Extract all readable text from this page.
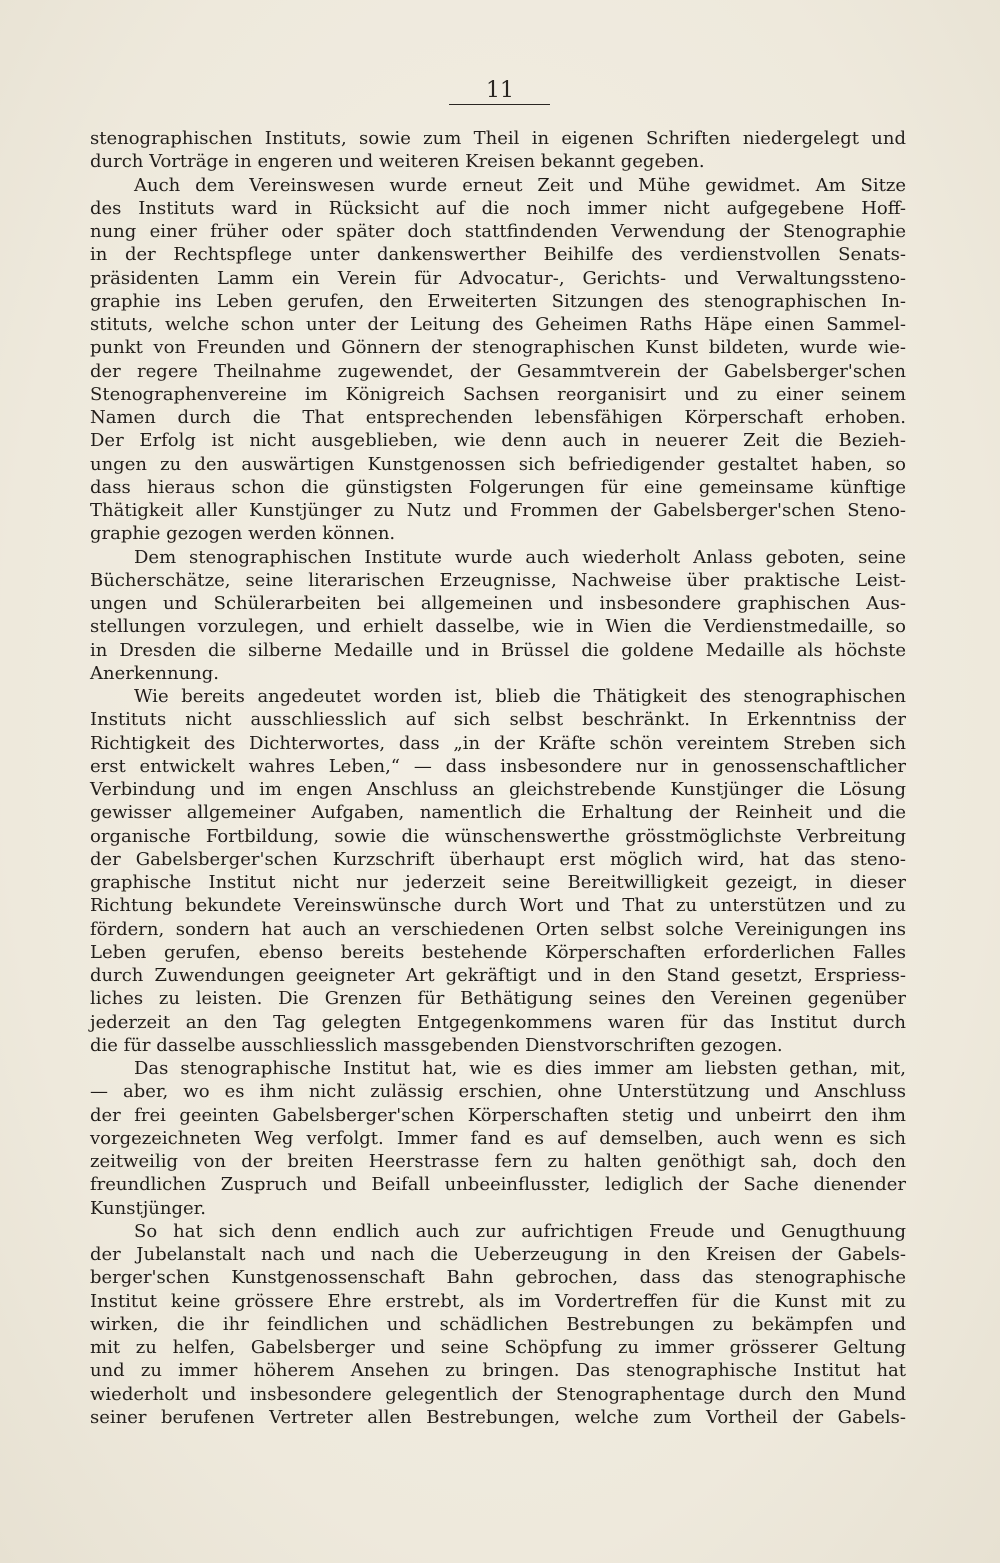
11
stenographischen Instituts, sowie zum Theil in eigenen Schriften niedergelegt und
durch Vorträge in engeren und weiteren Kreisen bekannt gegeben.
Auch dem Vereinswesen wurde erneut Zeit und Mühe gewidmet. Am Sitze
des Instituts ward in Rücksicht auf die noch immer nicht aufgegebene Hoff-
nung einer früher oder später doch stattfindenden Verwendung der Stenographie
in der Rechtspflege unter dankenswerther Beihilfe des verdienstvollen Senats-
präsidenten Lamm ein Verein für Advocatur-, Gerichts- und Verwaltungssteno-
graphie ins Leben gerufen, den Erweiterten Sitzungen des stenographischen In-
stituts, welche schon unter der Leitung des Geheimen Raths Häpe einen Sammel-
punkt von Freunden und Gönnern der stenographischen Kunst bildeten, wurde wie-
der regere Theilnahme zugewendet, der Gesammtverein der Gabelsberger'schen
Stenographenvereine im Königreich Sachsen reorganisirt und zu einer seinem
Namen durch die That entsprechenden lebensfähigen Körperschaft erhoben.
Der Erfolg ist nicht ausgeblieben, wie denn auch in neuerer Zeit die Bezieh-
ungen zu den auswärtigen Kunstgenossen sich befriedigender gestaltet haben, so
dass hieraus schon die günstigsten Folgerungen für eine gemeinsame künftige
Thätigkeit aller Kunstjünger zu Nutz und Frommen der Gabelsberger'schen Steno-
graphie gezogen werden können.
Dem stenographischen Institute wurde auch wiederholt Anlass geboten, seine
Bücherschätze, seine literarischen Erzeugnisse, Nachweise über praktische Leist-
ungen und Schülerarbeiten bei allgemeinen und insbesondere graphischen Aus-
stellungen vorzulegen, und erhielt dasselbe, wie in Wien die Verdienstmedaille, so
in Dresden die silberne Medaille und in Brüssel die goldene Medaille als höchste
Anerkennung.
Wie bereits angedeutet worden ist, blieb die Thätigkeit des stenographischen
Instituts nicht ausschliesslich auf sich selbst beschränkt. In Erkenntniss der
Richtigkeit des Dichterwortes, dass „in der Kräfte schön vereintem Streben sich
erst entwickelt wahres Leben,“ — dass insbesondere nur in genossenschaftlicher
Verbindung und im engen Anschluss an gleichstrebende Kunstjünger die Lösung
gewisser allgemeiner Aufgaben, namentlich die Erhaltung der Reinheit und die
organische Fortbildung, sowie die wünschenswerthe grösstmöglichste Verbreitung
der Gabelsberger'schen Kurzschrift überhaupt erst möglich wird, hat das steno-
graphische Institut nicht nur jederzeit seine Bereitwilligkeit gezeigt, in dieser
Richtung bekundete Vereinswünsche durch Wort und That zu unterstützen und zu
fördern, sondern hat auch an verschiedenen Orten selbst solche Vereinigungen ins
Leben gerufen, ebenso bereits bestehende Körperschaften erforderlichen Falles
durch Zuwendungen geeigneter Art gekräftigt und in den Stand gesetzt, Erspriess-
liches zu leisten. Die Grenzen für Bethätigung seines den Vereinen gegenüber
jederzeit an den Tag gelegten Entgegenkommens waren für das Institut durch
die für dasselbe ausschliesslich massgebenden Dienstvorschriften gezogen.
Das stenographische Institut hat, wie es dies immer am liebsten gethan, mit,
— aber, wo es ihm nicht zulässig erschien, ohne Unterstützung und Anschluss
der frei geeinten Gabelsberger'schen Körperschaften stetig und unbeirrt den ihm
vorgezeichneten Weg verfolgt. Immer fand es auf demselben, auch wenn es sich
zeitweilig von der breiten Heerstrasse fern zu halten genöthigt sah, doch den
freundlichen Zuspruch und Beifall unbeeinflusster, lediglich der Sache dienender
Kunstjünger.
So hat sich denn endlich auch zur aufrichtigen Freude und Genugthuung
der Jubelanstalt nach und nach die Ueberzeugung in den Kreisen der Gabels-
berger'schen Kunstgenossenschaft Bahn gebrochen, dass das stenographische
Institut keine grössere Ehre erstrebt, als im Vordertreffen für die Kunst mit zu
wirken, die ihr feindlichen und schädlichen Bestrebungen zu bekämpfen und
mit zu helfen, Gabelsberger und seine Schöpfung zu immer grösserer Geltung
und zu immer höherem Ansehen zu bringen. Das stenographische Institut hat
wiederholt und insbesondere gelegentlich der Stenographentage durch den Mund
seiner berufenen Vertreter allen Bestrebungen, welche zum Vortheil der Gabels-
